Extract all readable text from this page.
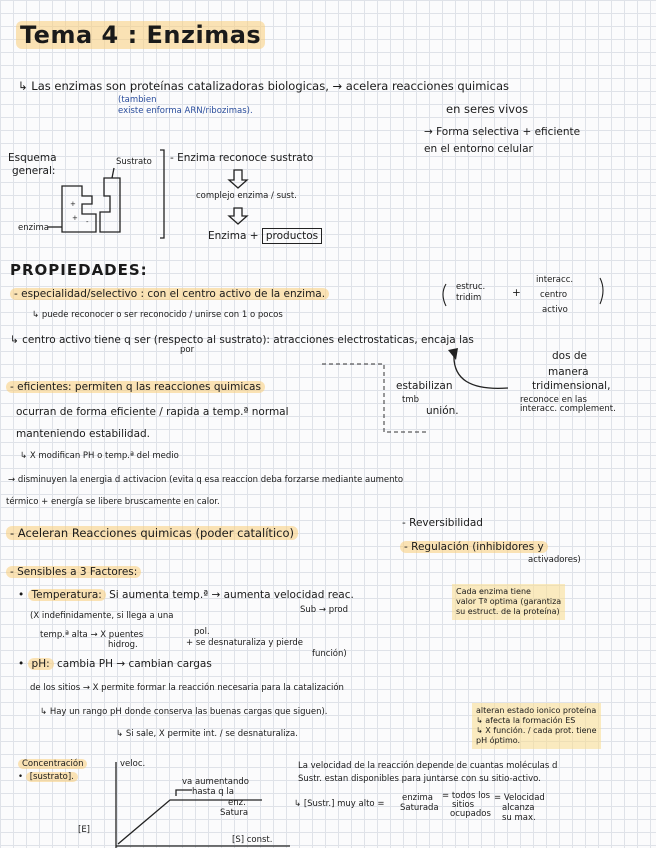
Tema 4 : Enzimas
↳ Las enzimas son proteínas catalizadoras biologicas, → acelera reacciones quimicas
(tambien
existe enforma ARN/ribozimas).	en seres vivos
→ Forma selectiva + eficiente
en el entorno celular
Esquema
general:
Sustrato
enzima
- Enzima reconoce sustrato
complejo enzima / sust.
Enzima + productos
+
+ -
PROPIEDADES:
- especialidad/selectivo : con el centro activo de la enzima.
↳ puede reconocer o ser reconocido / unirse con 1 o pocos
estruc.
tridim	+
interacc.
centro
activo
↳ centro activo tiene q ser (respecto al sustrato): atracciones electrostaticas, encaja las
por	dos de
manera
tridimensional,
reconoce en las
interacc. complement.
- eficientes: permiten q las reacciones quimicas
ocurran de forma eficiente / rapida a temp.ª normal
manteniendo estabilidad.
estabilizan
tmb
unión.
↳ X modifican PH o temp.ª del medio
→ disminuyen la energia d activacion (evita q esa reaccion deba forzarse mediante aumento
térmico + energía se libere bruscamente en calor.
- Aceleran Reacciones quimicas (poder catalítico)
- Reversibilidad
- Regulación (inhibidores y
activadores)
- Sensibles a 3 Factores:
• Temperatura: Si aumenta temp.ª → aumenta velocidad reac.
Sub → prod
(X indefinidamente, si llega a una
temp.ª alta → X puentes
hidrog.
pol.
+ se desnaturaliza y pierde
función)
Cada enzima tiene
valor Tª optima (garantiza
su estruct. de la proteína)
• pH: cambia PH → cambian cargas
de los sitios → X permite formar la reacción necesaria para la catalización
↳ Hay un rango pH donde conserva las buenas cargas que siguen).
↳ Si sale, X permite int. / se desnaturaliza.
alteran estado ionico proteína
↳ afecta la formación ES
↳ X función. / cada prot. tiene
pH óptimo.
Concentración
• [sustrato].
veloc.
va aumentando
hasta q la
enz.
Satura
[S] const.
[E]
La velocidad de la reacción depende de cuantas moléculas d
Sustr. estan disponibles para juntarse con su sitio-activo.
↳ [Sustr.] muy alto =
enzima
Saturada
= todos los
sitios
ocupados
= Velocidad
alcanza
su max.
